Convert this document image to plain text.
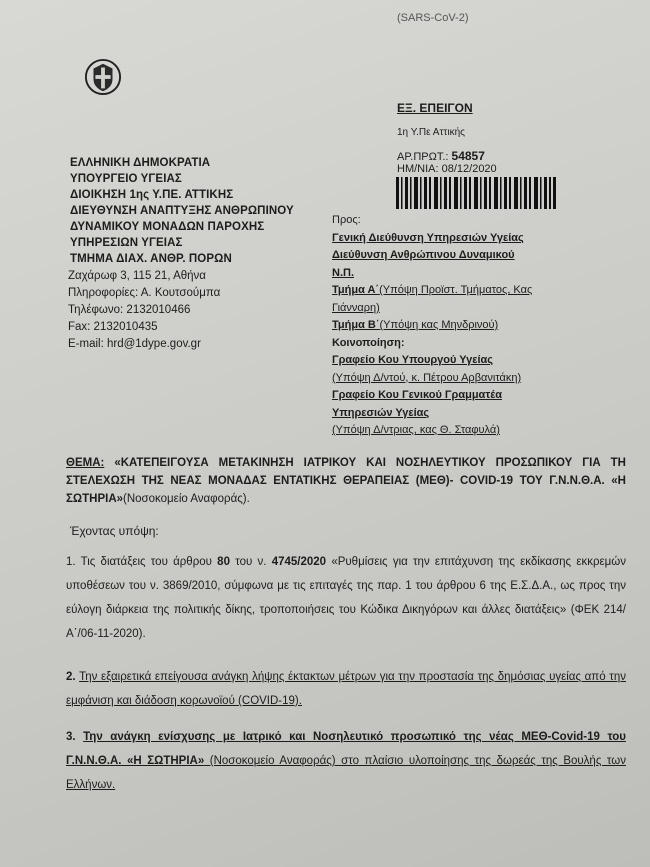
(SARS-CoV-2)
ΕΛΛΗΝΙΚΗ ΔΗΜΟΚΡΑΤΙΑ
ΥΠΟΥΡΓΕΙΟ ΥΓΕΙΑΣ
ΔΙΟΙΚΗΣΗ 1ης Υ.ΠΕ. ΑΤΤΙΚΗΣ
ΔΙΕΥΘΥΝΣΗ ΑΝΑΠΤΥΞΗΣ ΑΝΘΡΩΠΙΝΟΥ
ΔΥΝΑΜΙΚΟΥ ΜΟΝΑΔΩΝ ΠΑΡΟΧΗΣ
ΥΠΗΡΕΣΙΩΝ ΥΓΕΙΑΣ
ΤΜΗΜΑ ΔΙΑΧ. ΑΝΘΡ. ΠΟΡΩΝ
Ζαχάρωφ 3, 115 21, Αθήνα
Πληροφορίες: Α. Κουτσούμπα
Τηλέφωνο: 2132010466
Fax: 2132010435
E-mail: hrd@1dype.gov.gr
ΕΞ. ΕΠΕΙΓΟΝ
1η Υ.Πε Αττικής
ΑΡ.ΠΡΩΤ.: 54857
ΗΜ/ΝΙΑ: 08/12/2020
Προς:
Γενική Διεύθυνση Υπηρεσιών Υγείας
Διεύθυνση Ανθρώπινου Δυναμικού
Ν.Π.
Τμήμα Α΄(Υπόψη Προϊστ. Τμήματος, Κας
Γιάνναρη)
Τμήμα Β΄(Υπόψη κας Μηνδρινού)
Κοινοποίηση:
Γραφείο Κου Υπουργού Υγείας
(Υπόψη Δ/ντού, κ. Πέτρου Αρβανιτάκη)
Γραφείο Κου Γενικού Γραμματέα
Υπηρεσιών Υγείας
(Υπόψη Δ/ντριας, κας Θ. Σταφυλά)
ΘΕΜΑ: «ΚΑΤΕΠΕΙΓΟΥΣΑ ΜΕΤΑΚΙΝΗΣΗ ΙΑΤΡΙΚΟΥ ΚΑΙ ΝΟΣΗΛΕΥΤΙΚΟΥ ΠΡΟΣΩΠΙΚΟΥ ΓΙΑ ΤΗ ΣΤΕΛΕΧΩΣΗ ΤΗΣ ΝΕΑΣ ΜΟΝΑΔΑΣ ΕΝΤΑΤΙΚΗΣ ΘΕΡΑΠΕΙΑΣ (ΜΕΘ)- COVID-19 ΤΟΥ Γ.Ν.Ν.Θ.Α. «Η ΣΩΤΗΡΙΑ»(Νοσοκομείο Αναφοράς).
Έχοντας υπόψη:
1. Τις διατάξεις του άρθρου 80 του ν. 4745/2020 «Ρυθμίσεις για την επιτάχυνση της εκδίκασης εκκρεμών υποθέσεων του ν. 3869/2010, σύμφωνα με τις επιταγές της παρ. 1 του άρθρου 6 της Ε.Σ.Δ.Α., ως προς την εύλογη διάρκεια της πολιτικής δίκης, τροποποιήσεις του Κώδικα Δικηγόρων και άλλες διατάξεις» (ΦΕΚ 214/Α΄/06-11-2020).
2. Την εξαιρετικά επείγουσα ανάγκη λήψης έκτακτων μέτρων για την προστασία της δημόσιας υγείας από την εμφάνιση και διάδοση κορωνοϊού (COVID-19).
3. Την ανάγκη ενίσχυσης με Ιατρικό και Νοσηλευτικό προσωπικό της νέας ΜΕΘ-Covid-19 του Γ.Ν.Ν.Θ.Α. «Η ΣΩΤΗΡΙΑ» (Νοσοκομείο Αναφοράς) στο πλαίσιο υλοποίησης της δωρεάς της Βουλής των Ελλήνων.
